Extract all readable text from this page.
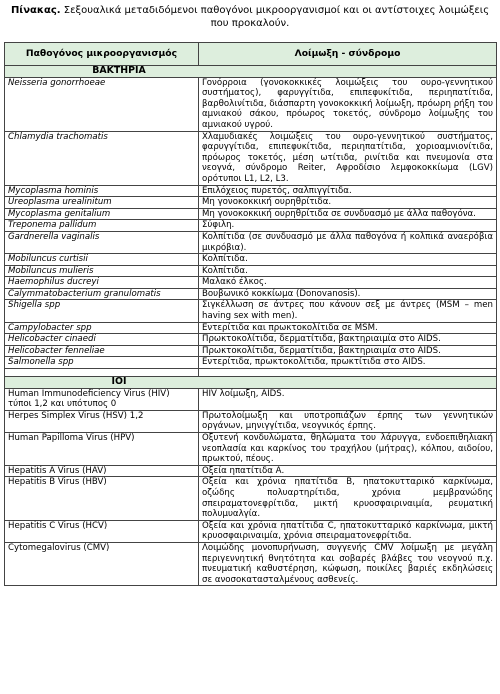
Πίνακας. Σεξουαλικά μεταδιδόμενοι παθογόνοι μικροοργανισμοί και οι αντίστοιχες λοιμώξεις που προκαλούν.
Παθογόνος μικροοργανισμός	Λοίμωξη - σύνδρομο
ΒΑΚΤΗΡΙΑ	
Neisseria gonorrhoeae	Γονόρροια (γονοκοκκικές λοιμώξεις του ουρο-γεννητικού συστήματος), φαρυγγίτιδα, επιπεφυκίτιδα, περιηπατίτιδα, βαρθολινίτιδα, διάσπαρτη γονοκοκκική λοίμωξη, πρόωρη ρήξη του αμνιακού σάκου, πρόωρος τοκετός, σύνδρομο λοίμωξης του αμνιακού υγρού.
Chlamydia trachomatis	Χλαμυδιακές λοιμώξεις του ουρο-γεννητικού συστήματος, φαρυγγίτιδα, επιπεφυκίτιδα, περιηπατίτιδα, χοριοαμνιονίτιδα, πρόωρος τοκετός, μέση ωτίτιδα, ρινίτιδα και πνευμονία στα νεογνά, σύνδρομο Reiter, Αφροδίσιο λεμφοκοκκίωμα (LGV) ορότυποι L1, L2, L3.
Mycoplasma hominis	Επιλόχειος πυρετός, σαλπιγγίτιδα.
Ureoplasma urealinitum	Μη γονοκοκκική ουρηθρίτιδα.
Mycoplasma genitalium	Μη γονοκοκκική ουρηθρίτιδα σε συνδυασμό με άλλα παθογόνα.
Treponema pallidum	Σύφιλη.
Gardnerella vaginalis	Κολπίτιδα (σε συνδυασμό με άλλα παθογόνα ή κολπικά αναερόβια μικρόβια).
Mobiluncus curtisii	Κολπίτιδα.
Mobiluncus mulieris	Κολπίτιδα.
Haemophilus ducreyi	Μαλακό έλκος.
Calymmatobacterium granulomatis	Βουβωνικό κοκκίωμα (Donovanosis).
Shigella spp	Σιγκέλλωση σε άντρες που κάνουν σεξ με άντρες (MSM – men having sex with men).
Campylobacter spp	Εντερίτιδα και πρωκτοκολίτιδα σε MSM.
Helicobacter cinaedi	Πρωκτοκολίτιδα, δερματίτιδα, βακτηριαιμία στο AIDS.
Helicobacter fenneliae	Πρωκτοκολίτιδα, δερματίτιδα, βακτηριαιμία στο AIDS.
Salmonella spp	Εντερίτιδα, πρωκτοκολίτιδα, πρωκτίτιδα στο AIDS.

ΙΟΙ	
Human Immunodeficiency Virus (HIV) τύποι 1,2 και υπότυπος 0	HIV λοίμωξη, AIDS.
Herpes Simplex Virus (HSV) 1,2	Πρωτολοίμωξη και υποτροπιάζων έρπης των γεννητικών οργάνων, μηνιγγίτιδα, νεογνικός έρπης.
Human Papilloma Virus (HPV)	Οξυτενή κονδυλώματα, θηλώματα του λάρυγγα, ενδοεπιθηλιακή νεοπλασία και καρκίνος του τραχήλου (μήτρας), κόλπου, αιδοίου, πρωκτού, πέους.
Hepatitis A Virus (HAV)	Οξεία ηπατίτιδα Α.
Hepatitis B Virus (HBV)	Οξεία και χρόνια ηπατίτιδα Β, ηπατοκυτταρικό καρκίνωμα, οζώδης πολυαρτηρίτιδα, χρόνια μεμβρανώδης σπειραματονεφρίτιδα, μικτή κρυοσφαιριναιμία, ρευματική πολυμυαλγία.
Hepatitis C Virus (HCV)	Οξεία και χρόνια ηπατίτιδα C, ηπατοκυτταρικό καρκίνωμα, μικτή κρυοσφαιριναιμία, χρόνια σπειραματονεφρίτιδα.
Cytomegalovirus (CMV)	Λοιμώδης μονοπυρήνωση, συγγενής CMV λοίμωξη με μεγάλη περιγεννητική θνητότητα και σοβαρές βλάβες του νεογνού π.χ. πνευματική καθυστέρηση, κώφωση, ποικίλες βαριές εκδηλώσεις σε ανοσοκατασταλμένους ασθενείς.
